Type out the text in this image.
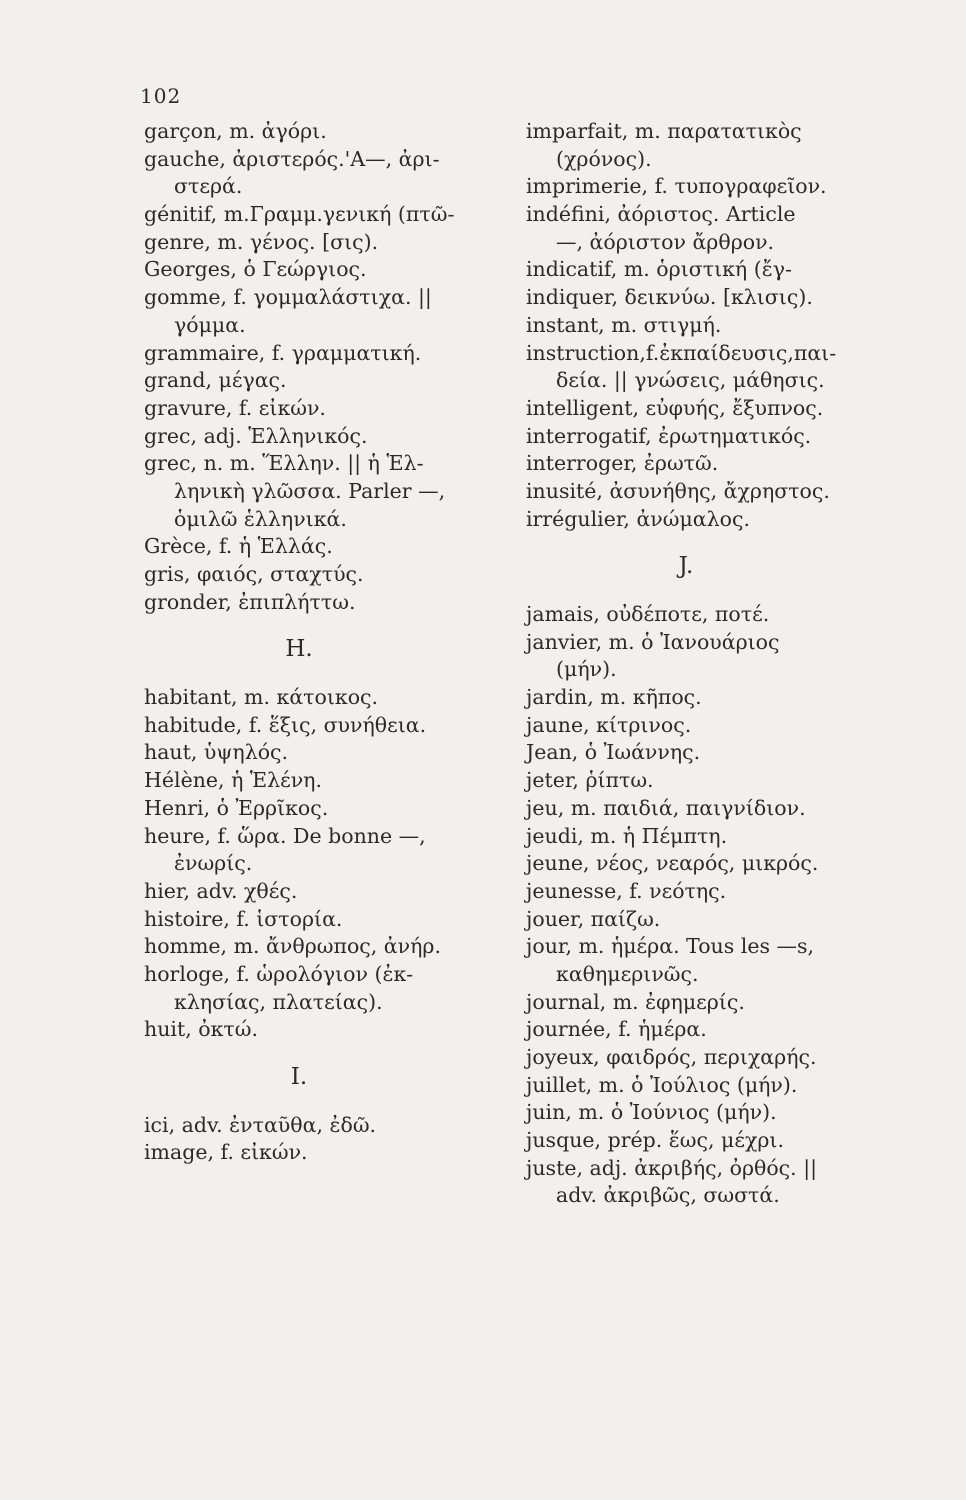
102
garçon, m. ἀγόρι.
gauche, ἀριστερός.'Α—, ἀρι-
στερά.
génitif, m.Γραμμ.γενική (πτῶ-
genre, m. γένος. [σις).
Georges, ὁ Γεώργιος.
gomme, f. γομμαλάστιχα. ||
γόμμα.
grammaire, f. γραμματική.
grand, μέγας.
gravure, f. εἰκών.
grec, adj. Ἑλληνικός.
grec, n. m. Ἕλλην. || ἡ Ἑλ-
ληνικὴ γλῶσσα. Parler —,
ὁμιλῶ ἑλληνικά.
Grèce, f. ἡ Ἑλλάς.
gris, φαιός, σταχτύς.
gronder, ἐπιπλήττω.
H.
habitant, m. κάτοικος.
habitude, f. ἕξις, συνήθεια.
haut, ὑψηλός.
Hélène, ἡ Ἑλένη.
Henri, ὁ Ἐρρῖκος.
heure, f. ὥρα. De bonne —,
ἐνωρίς.
hier, adv. χθές.
histoire, f. ἱστορία.
homme, m. ἄνθρωπος, ἀνήρ.
horloge, f. ὡρολόγιον (ἐκ-
κλησίας, πλατείας).
huit, ὀκτώ.
I.
ici, adv. ἐνταῦθα, ἐδῶ.
image, f. εἰκών.
imparfait, m. παρατατικὸς
(χρόνος).
imprimerie, f. τυπογραφεῖον.
indéfini, ἀόριστος. Article
—, ἀόριστον ἄρθρον.
indicatif, m. ὁριστική (ἔγ-
indiquer, δεικνύω. [κλισις).
instant, m. στιγμή.
instruction,f.ἐκπαίδευσις,παι-
δεία. || γνώσεις, μάθησις.
intelligent, εὐφυής, ἔξυπνος.
interrogatif, ἐρωτηματικός.
interroger, ἐρωτῶ.
inusité, ἀσυνήθης, ἄχρηστος.
irrégulier, ἀνώμαλος.
J.
jamais, οὐδέποτε, ποτέ.
janvier, m. ὁ Ἰανουάριος
(μήν).
jardin, m. κῆπος.
jaune, κίτρινος.
Jean, ὁ Ἰωάννης.
jeter, ῥίπτω.
jeu, m. παιδιά, παιγνίδιον.
jeudi, m. ἡ Πέμπτη.
jeune, νέος, νεαρός, μικρός.
jeunesse, f. νεότης.
jouer, παίζω.
jour, m. ἡμέρα. Tous les —s,
καθημερινῶς.
journal, m. ἐφημερίς.
journée, f. ἡμέρα.
joyeux, φαιδρός, περιχαρής.
juillet, m. ὁ Ἰούλιος (μήν).
juin, m. ὁ Ἰούνιος (μήν).
jusque, prép. ἕως, μέχρι.
juste, adj. ἀκριβής, ὀρθός. ||
adv. ἀκριβῶς, σωστά.
